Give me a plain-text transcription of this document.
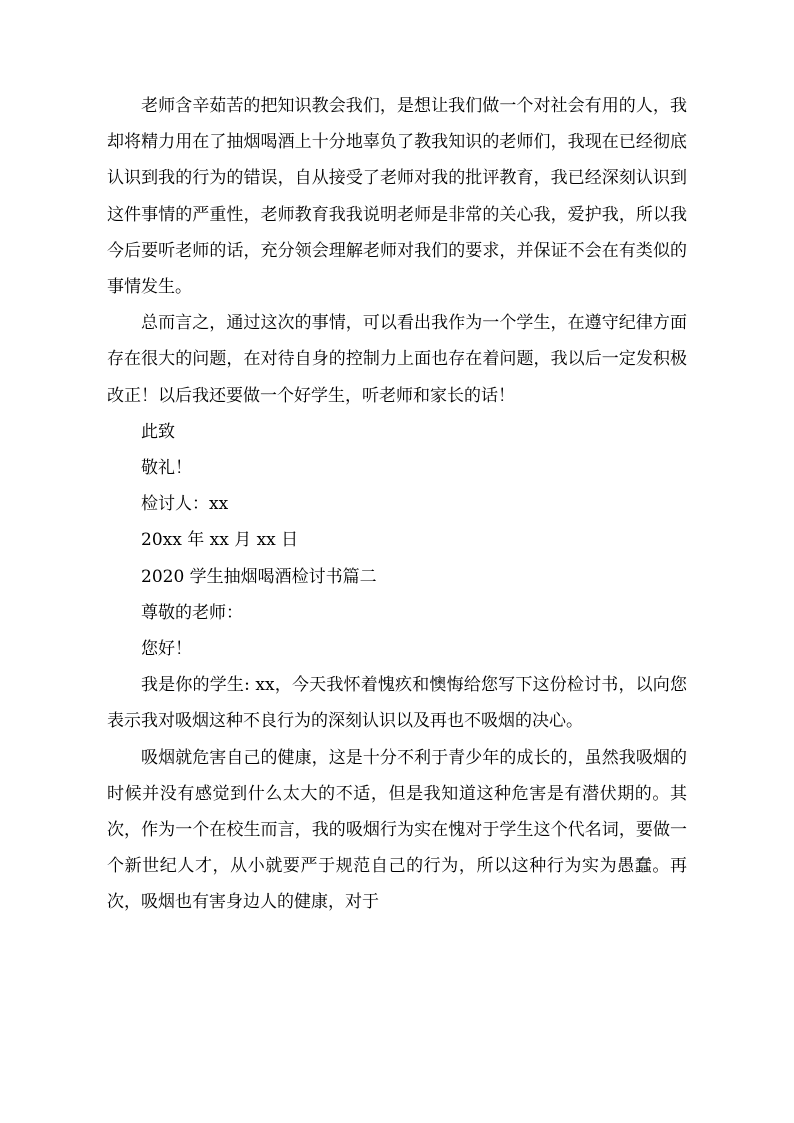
老师含辛茹苦的把知识教会我们，是想让我们做一个对社会有用的人，我却将精力用在了抽烟喝酒上十分地辜负了教我知识的老师们，我现在已经彻底认识到我的行为的错误，自从接受了老师对我的批评教育，我已经深刻认识到这件事情的严重性，老师教育我我说明老师是非常的关心我，爱护我，所以我今后要听老师的话，充分领会理解老师对我们的要求，并保证不会在有类似的事情发生。

总而言之，通过这次的事情，可以看出我作为一个学生，在遵守纪律方面存在很大的问题，在对待自身的控制力上面也存在着问题，我以后一定发积极改正！以后我还要做一个好学生，听老师和家长的话！

此致

敬礼！

检讨人：xx

20xx 年 xx 月 xx 日

2020 学生抽烟喝酒检讨书篇二

尊敬的老师：

您好！

我是你的学生: xx，今天我怀着愧疚和懊悔给您写下这份检讨书，以向您表示我对吸烟这种不良行为的深刻认识以及再也不吸烟的决心。

吸烟就危害自己的健康，这是十分不利于青少年的成长的，虽然我吸烟的时候并没有感觉到什么太大的不适，但是我知道这种危害是有潜伏期的。其次，作为一个在校生而言，我的吸烟行为实在愧对于学生这个代名词，要做一个新世纪人才，从小就要严于规范自己的行为，所以这种行为实为愚蠢。再次，吸烟也有害身边人的健康，对于
